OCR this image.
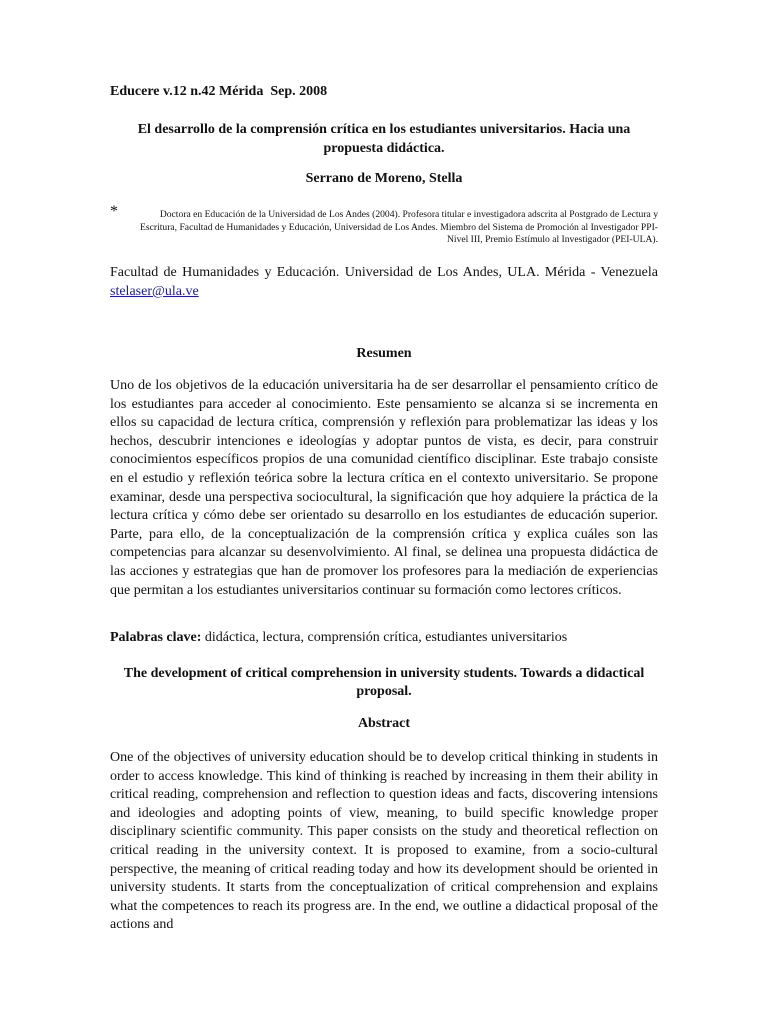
Educere v.12 n.42 Mérida  Sep. 2008
El desarrollo de la comprensión crítica en los estudiantes universitarios. Hacia una propuesta didáctica.
Serrano de Moreno, Stella
*	Doctora en Educación de la Universidad de Los Andes (2004). Profesora titular e investigadora adscrita al Postgrado de Lectura y Escritura, Facultad de Humanidades y Educación, Universidad de Los Andes. Miembro del Sistema de Promoción al Investigador PPI- Nivel III, Premio Estímulo al Investigador (PEI-ULA).
Facultad de Humanidades y Educación. Universidad de Los Andes, ULA. Mérida - Venezuela stelaser@ula.ve
Resumen
Uno de los objetivos de la educación universitaria ha de ser desarrollar el pensamiento crítico de los estudiantes para acceder al conocimiento. Este pensamiento se alcanza si se incrementa en ellos su capacidad de lectura crítica, comprensión y reflexión para problematizar las ideas y los hechos, descubrir intenciones e ideologías y adoptar puntos de vista, es decir, para construir conocimientos específicos propios de una comunidad científico disciplinar. Este trabajo consiste en el estudio y reflexión teórica sobre la lectura crítica en el contexto universitario. Se propone examinar, desde una perspectiva sociocultural, la significación que hoy adquiere la práctica de la lectura crítica y cómo debe ser orientado su desarrollo en los estudiantes de educación superior. Parte, para ello, de la conceptualización de la comprensión crítica y explica cuáles son las competencias para alcanzar su desenvolvimiento. Al final, se delinea una propuesta didáctica de las acciones y estrategias que han de promover los profesores para la mediación de experiencias que permitan a los estudiantes universitarios continuar su formación como lectores críticos.
Palabras clave: didáctica, lectura, comprensión crítica, estudiantes universitarios
The development of critical comprehension in university students. Towards a didactical proposal.
Abstract
One of the objectives of university education should be to develop critical thinking in students in order to access knowledge. This kind of thinking is reached by increasing in them their ability in critical reading, comprehension and reflection to question ideas and facts, discovering intensions and ideologies and adopting points of view, meaning, to build specific knowledge proper disciplinary scientific community. This paper consists on the study and theoretical reflection on critical reading in the university context. It is proposed to examine, from a socio-cultural perspective, the meaning of critical reading today and how its development should be oriented in university students. It starts from the conceptualization of critical comprehension and explains what the competences to reach its progress are. In the end, we outline a didactical proposal of the actions and
